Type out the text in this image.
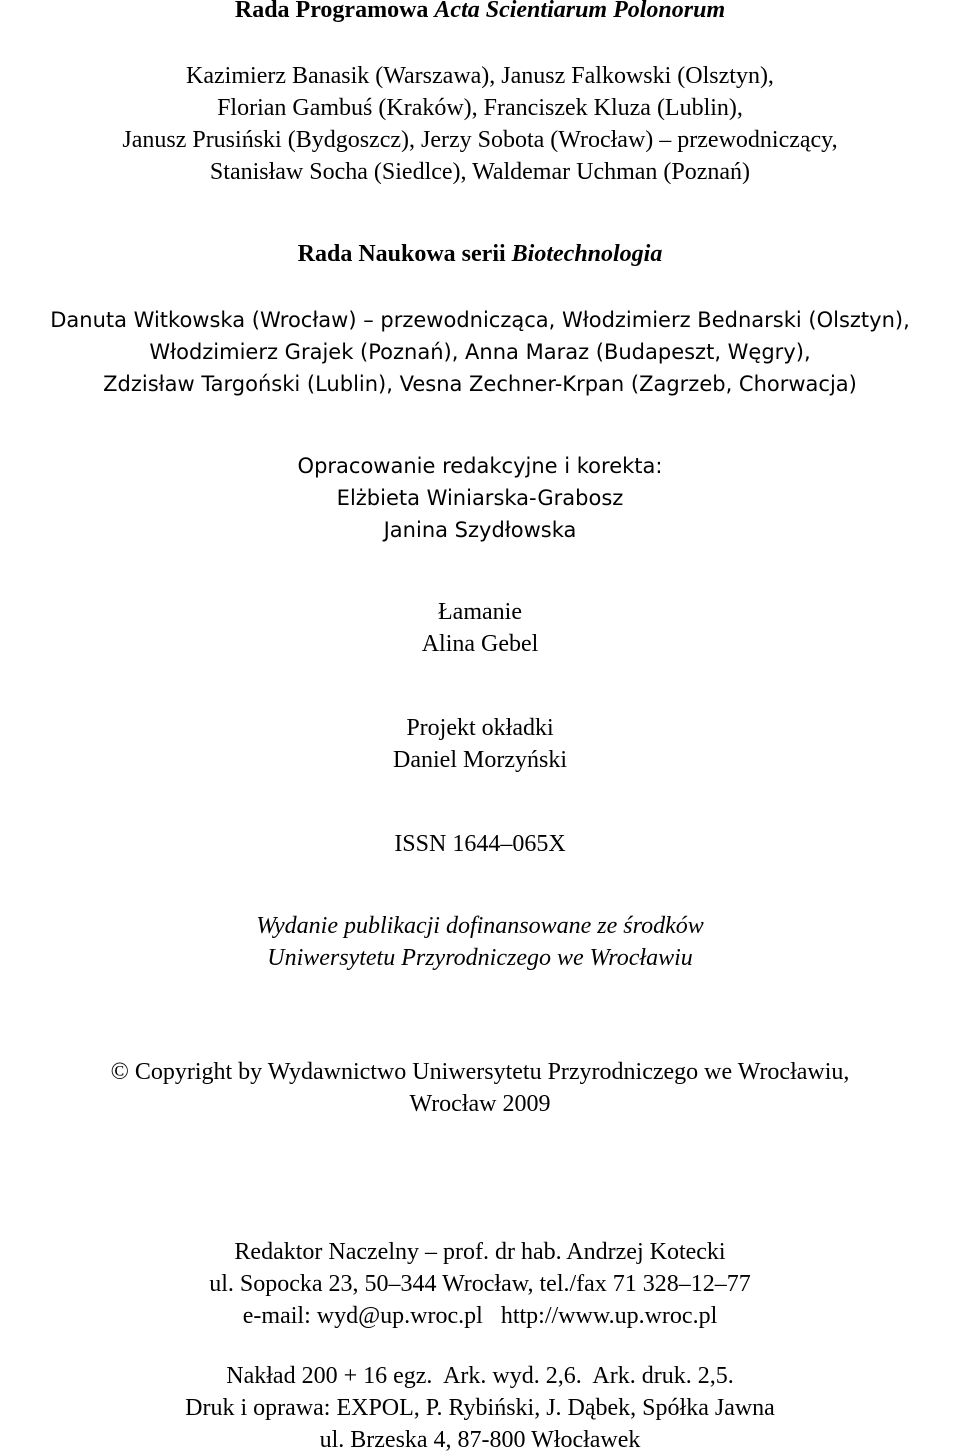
Rada Programowa Acta Scientiarum Polonorum
Kazimierz Banasik (Warszawa), Janusz Falkowski (Olsztyn),
Florian Gambuś (Kraków), Franciszek Kluza (Lublin),
Janusz Prusiński (Bydgoszcz), Jerzy Sobota (Wrocław) – przewodniczący,
Stanisław Socha (Siedlce), Waldemar Uchman (Poznań)
Rada Naukowa serii Biotechnologia
Danuta Witkowska (Wrocław) – przewodnicząca, Włodzimierz Bednarski (Olsztyn),
Włodzimierz Grajek (Poznań), Anna Maraz (Budapeszt, Węgry),
Zdzisław Targoński (Lublin), Vesna Zechner-Krpan (Zagrzeb, Chorwacja)
Opracowanie redakcyjne i korekta:
Elżbieta Winiarska-Grabosz
Janina Szydłowska
Łamanie
Alina Gebel
Projekt okładki
Daniel Morzyński
ISSN 1644–065X
Wydanie publikacji dofinansowane ze środków
Uniwersytetu Przyrodniczego we Wrocławiu
© Copyright by Wydawnictwo Uniwersytetu Przyrodniczego we Wrocławiu,
Wrocław 2009
Redaktor Naczelny – prof. dr hab. Andrzej Kotecki
ul. Sopocka 23, 50–344 Wrocław, tel./fax 71 328–12–77
e-mail: wyd@up.wroc.pl   http://www.up.wroc.pl
Nakład 200 + 16 egz.  Ark. wyd. 2,6.  Ark. druk. 2,5.
Druk i oprawa: EXPOL, P. Rybiński, J. Dąbek, Spółka Jawna
ul. Brzeska 4, 87-800 Włocławek
